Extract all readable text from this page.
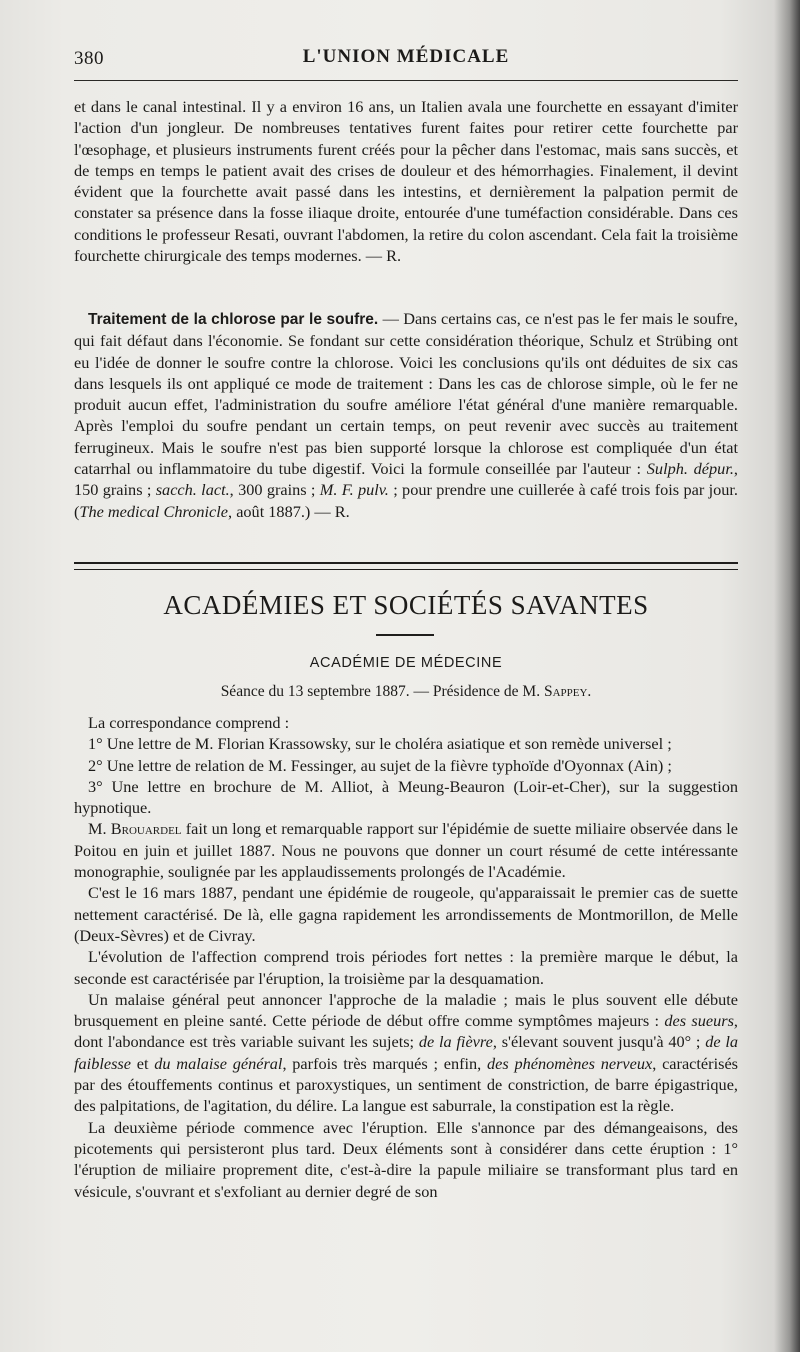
380	L'UNION MÉDICALE

et dans le canal intestinal. Il y a environ 16 ans, un Italien avala une fourchette en essayant d'imiter l'action d'un jongleur. De nombreuses tentatives furent faites pour retirer cette fourchette par l'œsophage, et plusieurs instruments furent créés pour la pêcher dans l'estomac, mais sans succès, et de temps en temps le patient avait des crises de douleur et des hémorrhagies. Finalement, il devint évident que la fourchette avait passé dans les intestins, et dernièrement la palpation permit de constater sa présence dans la fosse iliaque droite, entourée d'une tuméfaction considérable. Dans ces conditions le professeur Resati, ouvrant l'abdomen, la retire du colon ascendant. Cela fait la troisième fourchette chirurgicale des temps modernes. — R.

Traitement de la chlorose par le soufre. — Dans certains cas, ce n'est pas le fer mais le soufre, qui fait défaut dans l'économie. Se fondant sur cette considération théorique, Schulz et Strübing ont eu l'idée de donner le soufre contre la chlorose. Voici les conclusions qu'ils ont déduites de six cas dans lesquels ils ont appliqué ce mode de traitement : Dans les cas de chlorose simple, où le fer ne produit aucun effet, l'administration du soufre améliore l'état général d'une manière remarquable. Après l'emploi du soufre pendant un certain temps, on peut revenir avec succès au traitement ferrugineux. Mais le soufre n'est pas bien supporté lorsque la chlorose est compliquée d'un état catarrhal ou inflammatoire du tube digestif. Voici la formule conseillée par l'auteur : Sulph. dépur., 150 grains ; sacch. lact., 300 grains ; M. F. pulv. ; pour prendre une cuillerée à café trois fois par jour. (The medical Chronicle, août 1887.) — R.

ACADÉMIES ET SOCIÉTÉS SAVANTES
ACADÉMIE DE MÉDECINE
Séance du 13 septembre 1887. — Présidence de M. Sappey.

La correspondance comprend :

1° Une lettre de M. Florian Krassowsky, sur le choléra asiatique et son remède universel ;

2° Une lettre de relation de M. Fessinger, au sujet de la fièvre typhoïde d'Oyonnax (Ain) ;

3° Une lettre en brochure de M. Alliot, à Meung-Beauron (Loir-et-Cher), sur la suggestion hypnotique.

M. Brouardel fait un long et remarquable rapport sur l'épidémie de suette miliaire observée dans le Poitou en juin et juillet 1887. Nous ne pouvons que donner un court résumé de cette intéressante monographie, soulignée par les applaudissements prolongés de l'Académie.

C'est le 16 mars 1887, pendant une épidémie de rougeole, qu'apparaissait le premier cas de suette nettement caractérisé. De là, elle gagna rapidement les arrondissements de Montmorillon, de Melle (Deux-Sèvres) et de Civray.

L'évolution de l'affection comprend trois périodes fort nettes : la première marque le début, la seconde est caractérisée par l'éruption, la troisième par la desquamation.

Un malaise général peut annoncer l'approche de la maladie ; mais le plus souvent elle débute brusquement en pleine santé. Cette période de début offre comme symptômes majeurs : des sueurs, dont l'abondance est très variable suivant les sujets; de la fièvre, s'élevant souvent jusqu'à 40° ; de la faiblesse et du malaise général, parfois très marqués ; enfin, des phénomènes nerveux, caractérisés par des étouffements continus et paroxystiques, un sentiment de constriction, de barre épigastrique, des palpitations, de l'agitation, du délire. La langue est saburrale, la constipation est la règle.

La deuxième période commence avec l'éruption. Elle s'annonce par des démangeaisons, des picotements qui persisteront plus tard. Deux éléments sont à considérer dans cette éruption : 1° l'éruption de miliaire proprement dite, c'est-à-dire la papule miliaire se transformant plus tard en vésicule, s'ouvrant et s'exfoliant au dernier degré de son
